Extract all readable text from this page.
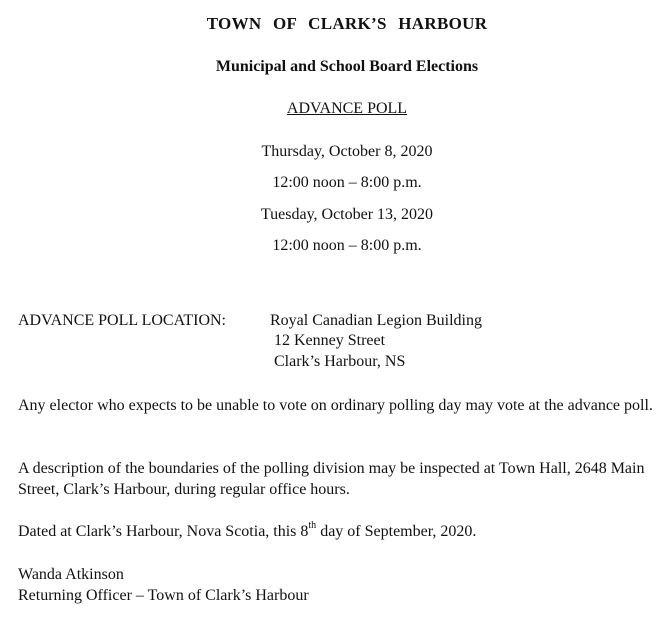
TOWN OF CLARK’S HARBOUR
Municipal and School Board Elections
ADVANCE POLL
Thursday, October 8, 2020
12:00 noon – 8:00 p.m.
Tuesday, October 13, 2020
12:00 noon – 8:00 p.m.
ADVANCE POLL LOCATION:	Royal Canadian Legion Building
12 Kenney Street
Clark’s Harbour, NS
Any elector who expects to be unable to vote on ordinary polling day may vote at the advance poll.
A description of the boundaries of the polling division may be inspected at Town Hall, 2648 Main Street, Clark’s Harbour, during regular office hours.
Dated at Clark’s Harbour, Nova Scotia, this 8th day of September, 2020.
Wanda Atkinson
Returning Officer – Town of Clark’s Harbour
